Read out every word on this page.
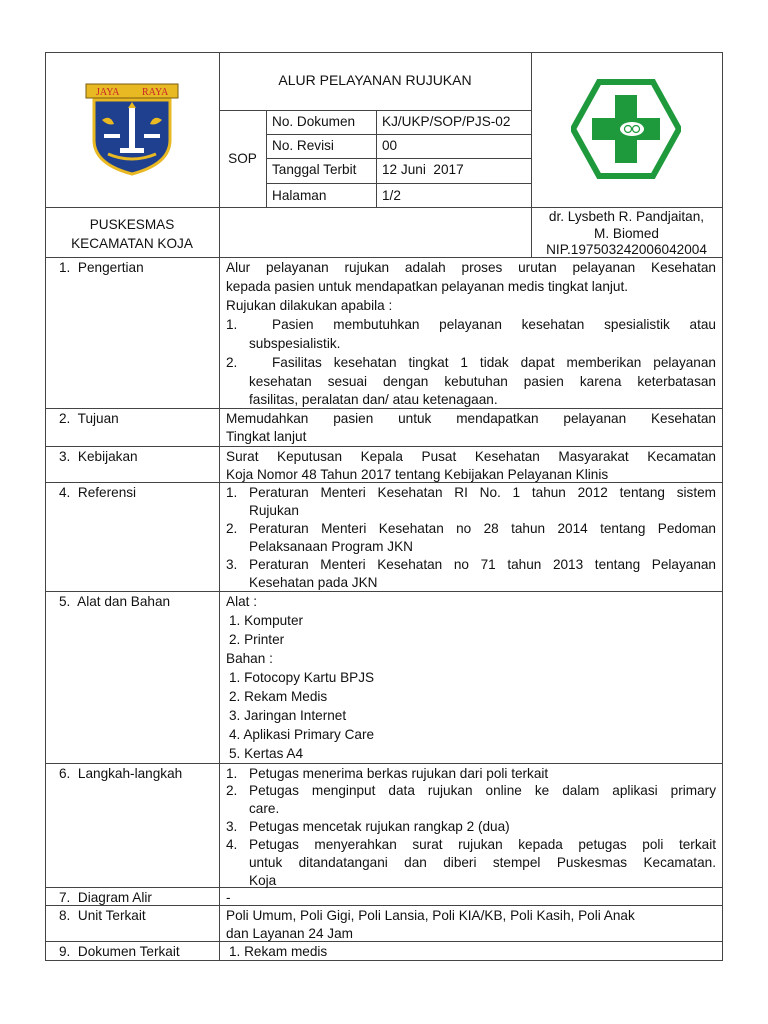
JAYA RAYA
ALUR PELAYANAN RUJUKAN
SOP
No. Dokumen KJ/UKP/SOP/PJS-02
No. Revisi	00
Tanggal Terbit 12 Juni  2017
Halaman	1/2
PUSKESMAS
KECAMATAN KOJA
dr. Lysbeth R. Pandjaitan,
M. Biomed
NIP.197503242006042004
1.  Pengertian	Alur pelayanan rujukan adalah proses urutan pelayanan Kesehatan
kepada pasien untuk mendapatkan pelayanan medis tingkat lanjut.
Rujukan dilakukan apabila :
1.	Pasien membutuhkan pelayanan kesehatan spesialistik atau
subspesialistik.
2.	Fasilitas kesehatan tingkat 1 tidak dapat memberikan pelayanan
kesehatan sesuai dengan kebutuhan pasien karena keterbatasan
fasilitas, peralatan dan/ atau ketenagaan.
2.  Tujuan	Memudahkan pasien untuk mendapatkan pelayanan Kesehatan
Tingkat lanjut
3.  Kebijakan	Surat Keputusan Kepala Pusat Kesehatan Masyarakat Kecamatan
Koja Nomor 48 Tahun 2017 tentang Kebijakan Pelayanan Klinis
4.  Referensi	1. Peraturan Menteri Kesehatan RI No. 1 tahun 2012 tentang sistem
Rujukan
2. Peraturan Menteri Kesehatan no 28 tahun 2014 tentang Pedoman
Pelaksanaan Program JKN
3. Peraturan Menteri Kesehatan no 71 tahun 2013 tentang Pelayanan
Kesehatan pada JKN
5.  Alat dan Bahan	Alat :
1. Komputer
2. Printer
Bahan :
1. Fotocopy Kartu BPJS
2. Rekam Medis
3. Jaringan Internet
4. Aplikasi Primary Care
5. Kertas A4
6.  Langkah-langkah	1. Petugas menerima berkas rujukan dari poli terkait
2. Petugas menginput data rujukan online ke dalam aplikasi primary
care.
3. Petugas mencetak rujukan rangkap 2 (dua)
4. Petugas menyerahkan surat rujukan kepada petugas poli terkait
untuk ditandatangani dan diberi stempel Puskesmas Kecamatan.
Koja
7.  Diagram Alir	-
8.  Unit Terkait	Poli Umum, Poli Gigi, Poli Lansia, Poli KIA/KB, Poli Kasih, Poli Anak
dan Layanan 24 Jam
9.  Dokumen Terkait	1. Rekam medis
